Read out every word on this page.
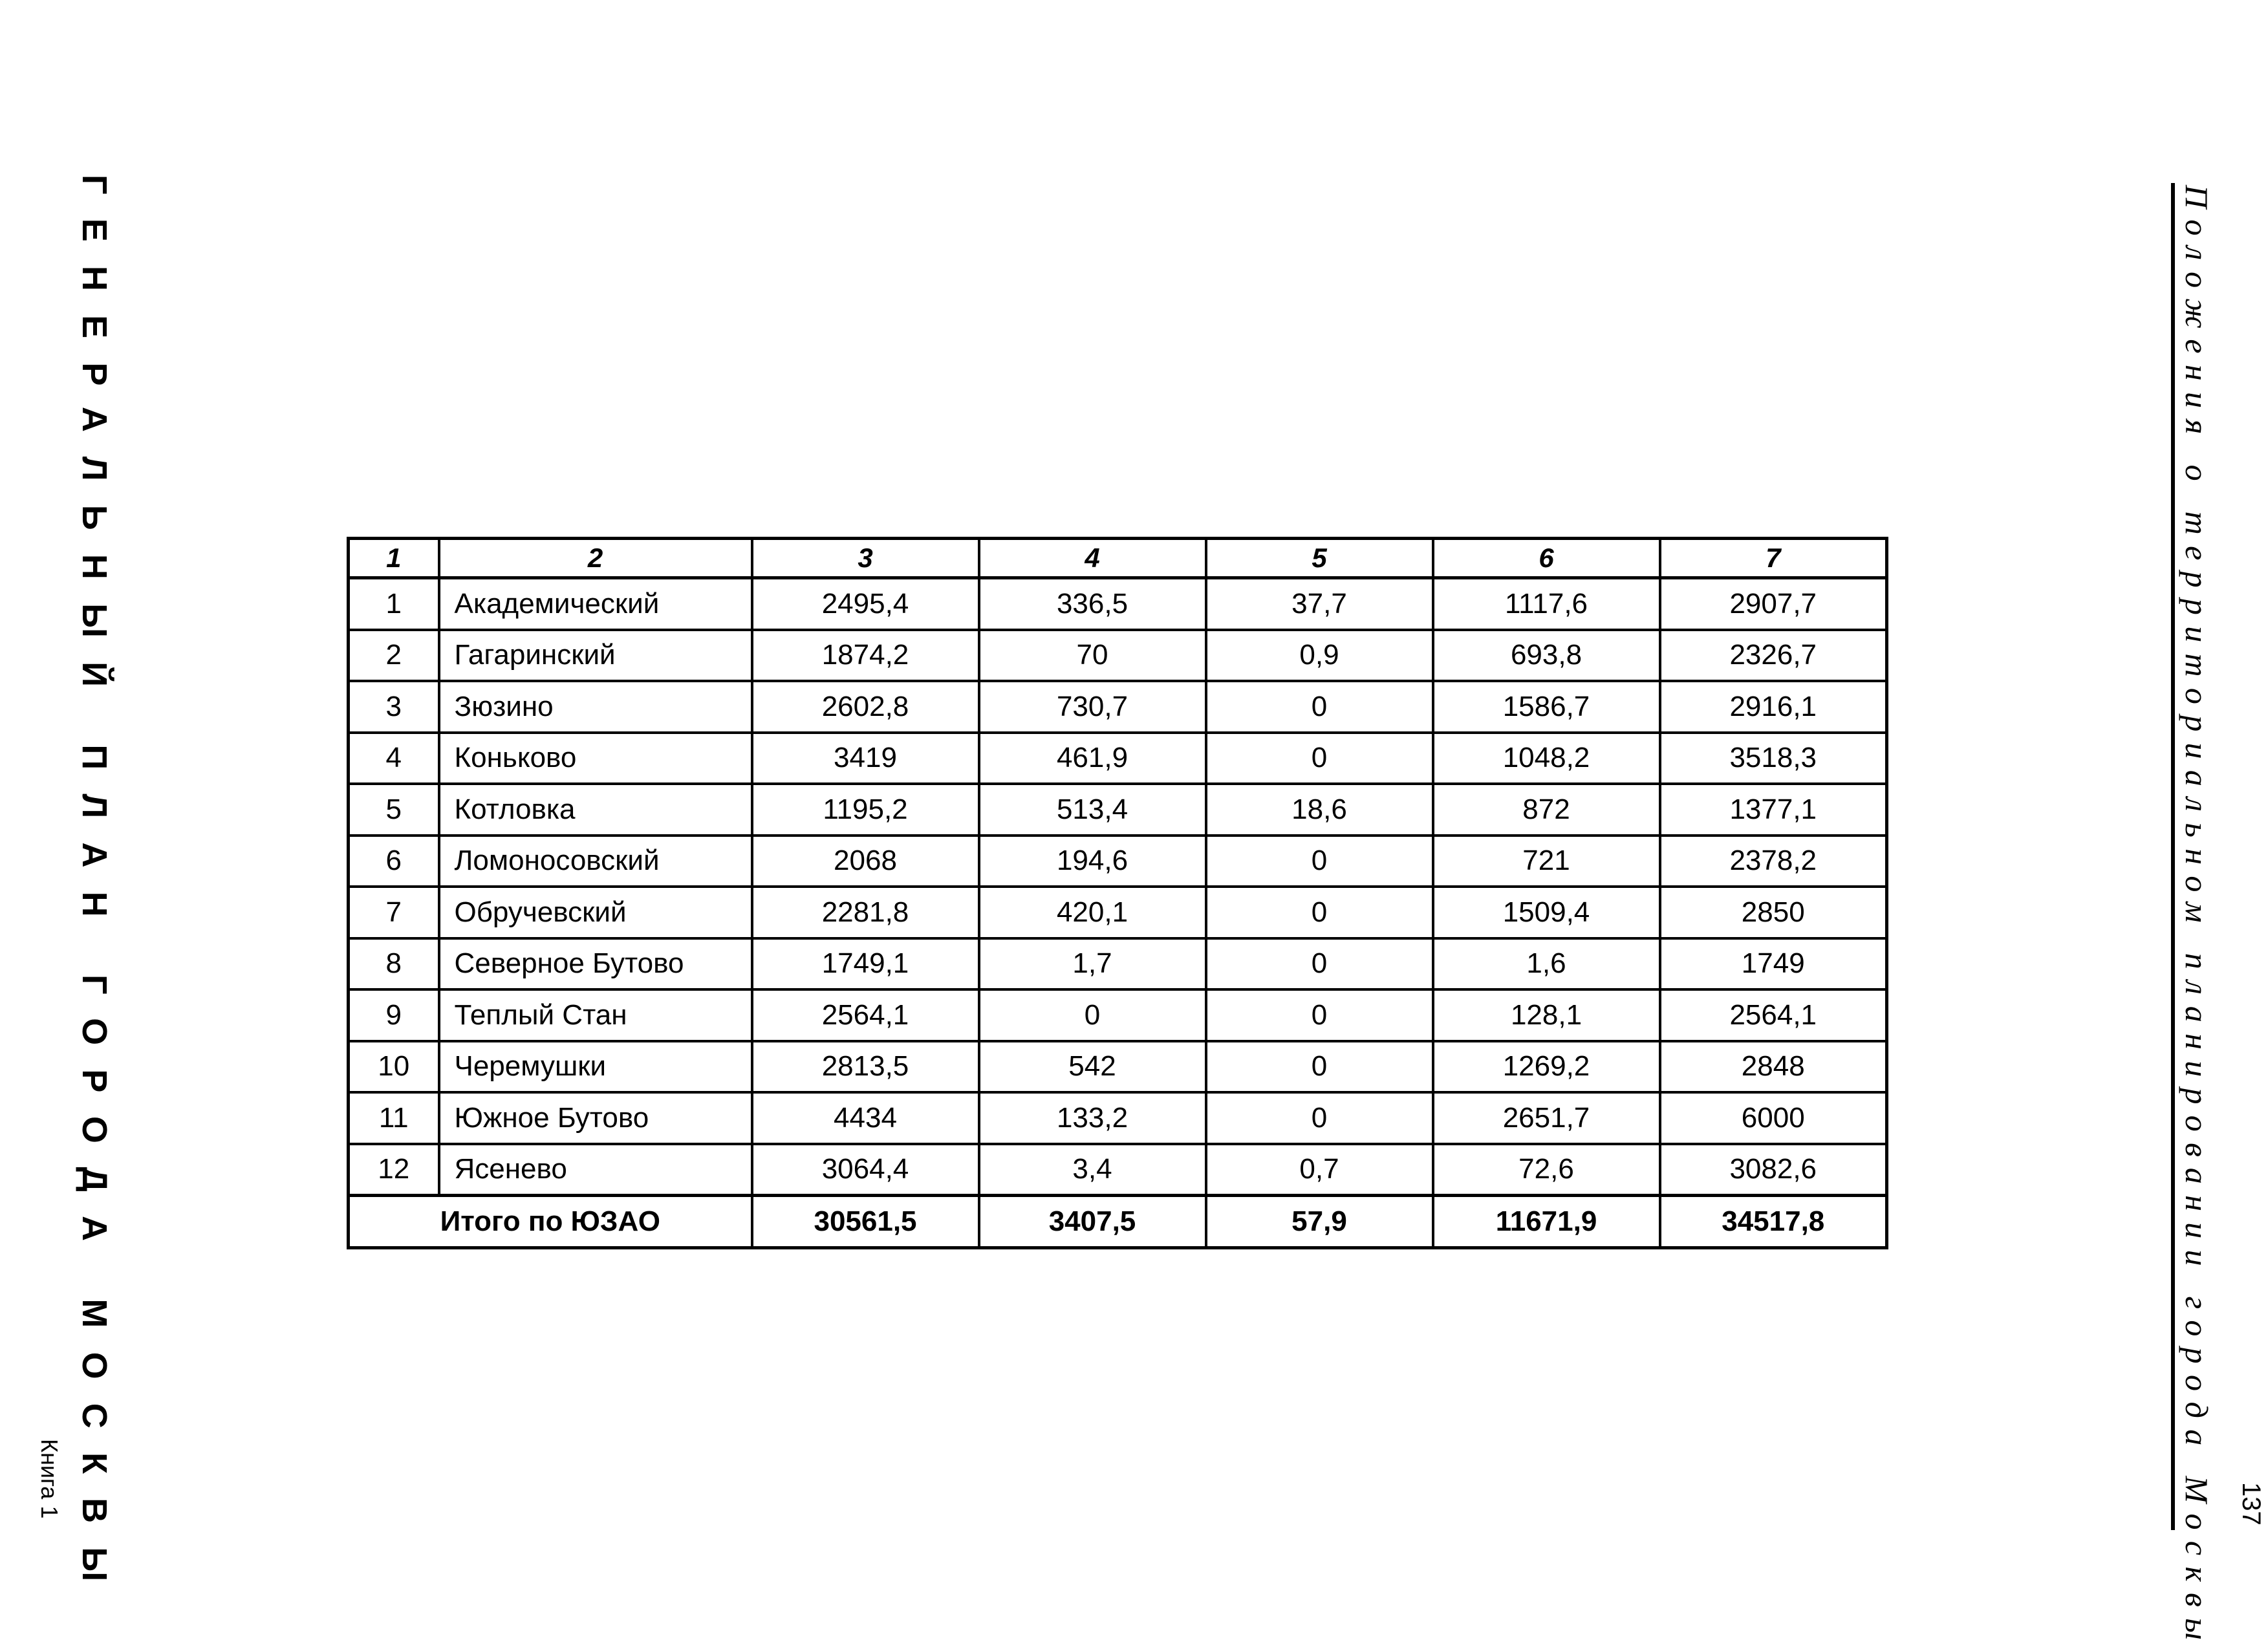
ГЕНЕРАЛЬНЫЙ ПЛАН ГОРОДА МОСКВЫ
Книга 1	Положения о территориальном планировании города Москвы 137
1	2	3	4	5	6	7
1	Академический	2495,4	336,5	37,7	1117,6	2907,7
2	Гагаринский	1874,2	70	0,9	693,8	2326,7
3	Зюзино	2602,8	730,7	0	1586,7	2916,1
4	Коньково	3419	461,9	0	1048,2	3518,3
5	Котловка	1195,2	513,4	18,6	872	1377,1
6	Ломоносовский	2068	194,6	0	721	2378,2
7	Обручевский	2281,8	420,1	0	1509,4	2850
8	Северное Бутово	1749,1	1,7	0	1,6	1749
9	Теплый Стан	2564,1	0	0	128,1	2564,1
10	Черемушки	2813,5	542	0	1269,2	2848
11	Южное Бутово	4434	133,2	0	2651,7	6000
12	Ясенево	3064,4	3,4	0,7	72,6	3082,6
Итого по ЮЗАО		30561,5	3407,5	57,9	11671,9	34517,8
